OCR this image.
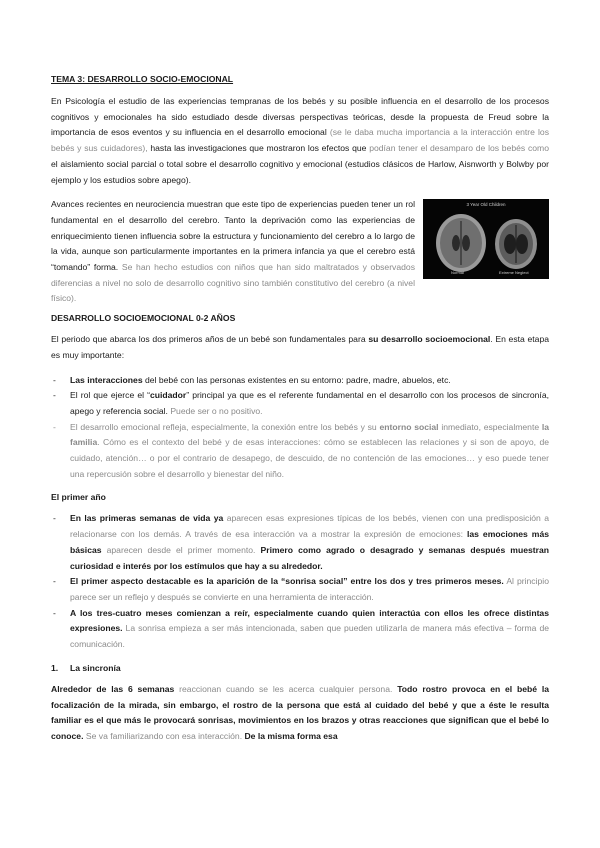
TEMA 3: DESARROLLO SOCIO-EMOCIONAL

En Psicología el estudio de las experiencias tempranas de los bebés y su posible influencia en el desarrollo de los procesos cognitivos y emocionales ha sido estudiado desde diversas perspectivas teóricas, desde la propuesta de Freud sobre la importancia de esos eventos y su influencia en el desarrollo emocional (se le daba mucha importancia a la interacción entre los bebés y sus cuidadores), hasta las investigaciones que mostraron los efectos que podían tener el desamparo de los bebés como el aislamiento social parcial o total sobre el desarrollo cognitivo y emocional (estudios clásicos de Harlow, Aisnworth y Bolwby por ejemplo y los estudios sobre apego).

Avances recientes en neurociencia muestran que este tipo de experiencias pueden tener un rol fundamental en el desarrollo del cerebro. Tanto la deprivación como las experiencias de enriquecimiento tienen influencia sobre la estructura y funcionamiento del cerebro a lo largo de la vida, aunque son particularmente importantes en la primera infancia ya que el cerebro está “tomando” forma. Se han hecho estudios con niños que han sido maltratados y observados diferencias a nivel no solo de desarrollo cognitivo sino también constitutivo del cerebro (a nivel físico).

3 Year Old Children
Normal	Extreme Neglect
DESARROLLO SOCIOEMOCIONAL 0-2 AÑOS

El periodo que abarca los dos primeros años de un bebé son fundamentales para su desarrollo socioemocional. En esta etapa es muy importante:

- Las interacciones del bebé con las personas existentes en su entorno: padre, madre, abuelos, etc.
- El rol que ejerce el “cuidador” principal ya que es el referente fundamental en el desarrollo con los procesos de sincronía, apego y referencia social. Puede ser o no positivo.
- El desarrollo emocional refleja, especialmente, la conexión entre los bebés y su entorno social inmediato, especialmente la familia. Cómo es el contexto del bebé y de esas interacciones: cómo se establecen las relaciones y si son de apoyo, de cuidado, atención… o por el contrario de desapego, de descuido, de no contención de las emociones… y eso puede tener una repercusión sobre el desarrollo y bienestar del niño.
El primer año
- En las primeras semanas de vida ya aparecen esas expresiones típicas de los bebés, vienen con una predisposición a relacionarse con los demás. A través de esa interacción va a mostrar la expresión de emociones: las emociones más básicas aparecen desde el primer momento. Primero como agrado o desagrado y semanas después muestran curiosidad e interés por los estímulos que hay a su alrededor.
- El primer aspecto destacable es la aparición de la “sonrisa social” entre los dos y tres primeros meses. Al principio parece ser un reflejo y después se convierte en una herramienta de interacción.
- A los tres-cuatro meses comienzan a reír, especialmente cuando quien interactúa con ellos les ofrece distintas expresiones. La sonrisa empieza a ser más intencionada, saben que pueden utilizarla de manera más efectiva – forma de comunicación.
1. La sincronía

Alrededor de las 6 semanas reaccionan cuando se les acerca cualquier persona. Todo rostro provoca en el bebé la focalización de la mirada, sin embargo, el rostro de la persona que está al cuidado del bebé y que a éste le resulta familiar es el que más le provocará sonrisas, movimientos en los brazos y otras reacciones que significan que el bebé lo conoce. Se va familiarizando con esa interacción. De la misma forma esa
